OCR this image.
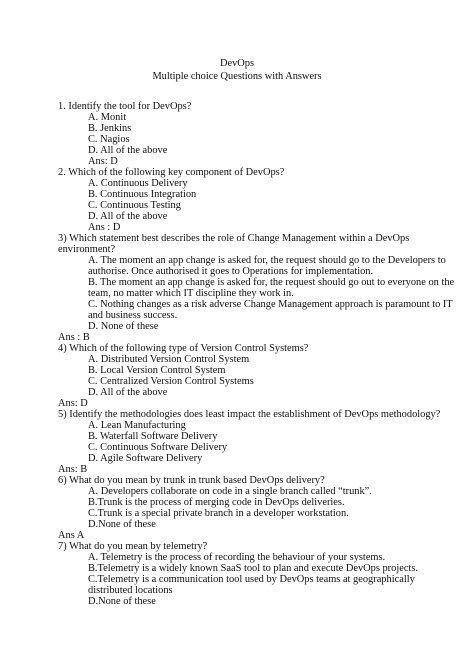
DevOps
Multiple choice Questions with Answers
1. Identify the tool for DevOps?
A. Monit
B. Jenkins
C. Nagios
D. All of the above
Ans: D
2. Which of the following key component of DevOps?
A. Continuous Delivery
B. Continuous Integration
C. Continuous Testing
D. All of the above
Ans : D
3) Which statement best describes the role of Change Management within a DevOps
environment?
A. The moment an app change is asked for, the request should go to the Developers to
authorise. Once authorised it goes to Operations for implementation.
B. The moment an app change is asked for, the request should go out to everyone on the
team, no matter which IT discipline they work in.
C. Nothing changes as a risk adverse Change Management approach is paramount to IT
and business success.
D. None of these
Ans : B
4) Which of the following type of Version Control Systems?
A. Distributed Version Control System
B. Local Version Control System
C. Centralized Version Control Systems
D. All of the above
Ans: D
5) Identify the methodologies does least impact the establishment of DevOps methodology?
A. Lean Manufacturing
B. Waterfall Software Delivery
C. Continuous Software Delivery
D. Agile Software Delivery
Ans: B
6) What do you mean by trunk in trunk based DevOps delivery?
A. Developers collaborate on code in a single branch called “trunk”.
B.Trunk is the process of merging code in DevOps deliveries.
C.Trunk is a special private branch in a developer workstation.
D.None of these
Ans A
7) What do you mean by telemetry?
A. Telemetry is the process of recording the behaviour of your systems.
B.Telemetry is a widely known SaaS tool to plan and execute DevOps projects.
C.Telemetry is a communication tool used by DevOps teams at geographically
distributed locations
D.None of these
